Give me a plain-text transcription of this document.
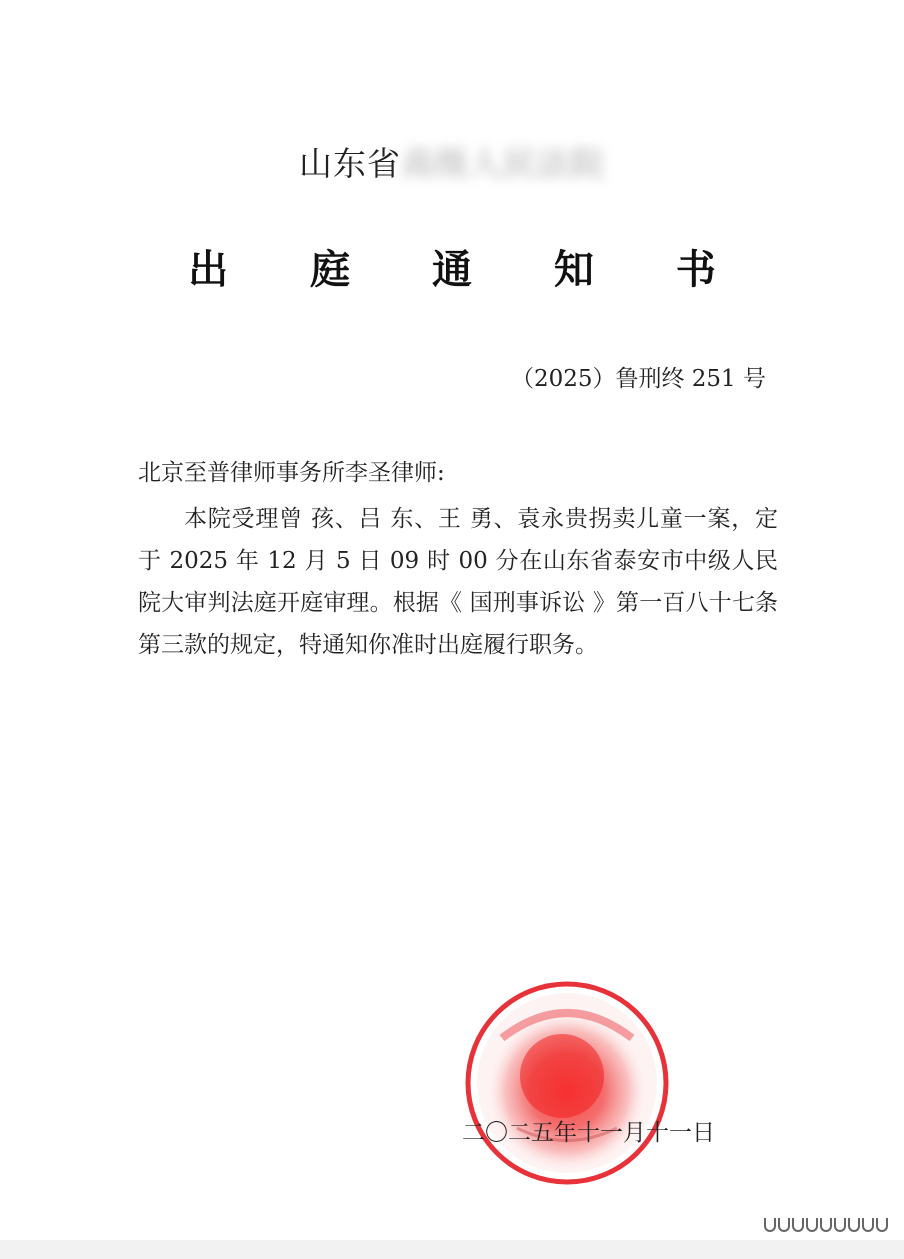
山东省高级人民法院
出 庭 通 知 书
（2025）鲁刑终 251 号
北京至普律师事务所李圣律师:
本院受理曾 孩、吕 东、王 勇、袁永贵拐卖儿童一案，定于 2025 年 12 月 5 日 09 时 00 分在山东省泰安市中级人民 院大审判法庭开庭审理。根据《 国刑事诉讼 》第一百八十七条第三款的规定，特通知你准时出庭履行职务。
二〇二五年十一月十一日
